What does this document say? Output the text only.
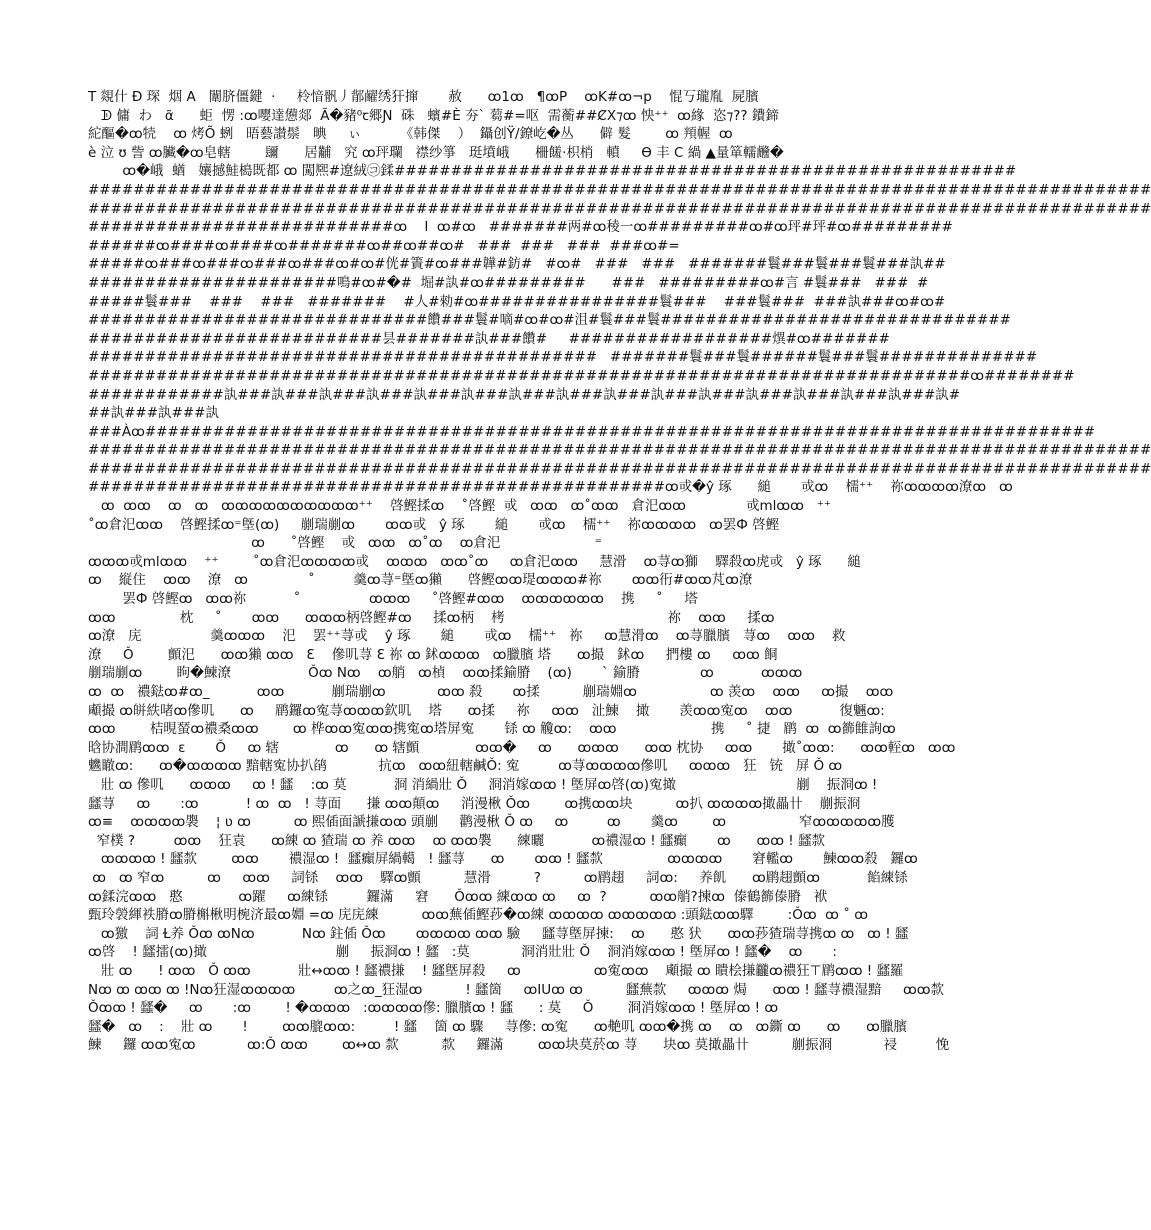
T 覢什 Ð 琛  烟 A   闈脐僵鍵  ·     柃愔骪丿鄁䴞绣犴撺       赦      ꝏ1ꝏ   ¶ꝏP    ꝏK#ꝏ¬p    惃丂瓏胤  屍臏
ᗫ 傭  わ   ᾶ      蚷  愣 ꞉ꝏ嘤達憊郯  Ã�豬⁰ꞇ郷Ɲ  硃   蠙#È 夯` 蒭#=呕  需蘅##ȻX⁊ꝏ 怏⁺⁺  ꝏ緣  恣⁊?? 鐨鍗
紽醧�ꝏ㸿    ꝏ 烤Õ 蛚   晤藝讃鬃   晪     ぃ         《韩傑    ）  鑷创Ÿ/鐐屹�丛      僻 髮        ꝏ 頖幄  ꝏ
è 泣 ʊ 訾 ꝏ臟�ꝏ皂轄        镾      居黼   究 ꝏ玶瓓   襟纱箏   珽墳峨      柵饈·枳梢   轒     Ɵ 丰 C 緺 ▲量箪轜虪�
ꝏ�峨  蝤   孃撼鮭槝既都 ꝏ 闖熈#遼絨㋙鍒#######################################################
##############################################################################################
##############################################################################################
###########################ꝏ    I  ꝏ#ꝏ   #######两#ꝏ稜一ꝏ#########ꝏ#ꝏ玶#玶#ꝏ#########
######ꝏ####ꝏ####ꝏ#######ꝏ##ꝏ##ꝏ#   ###  ###   ###  ###ꝏ#=
#####ꝏ###ꝏ###ꝏ###ꝏ###ꝏ#ꝏ#侊#簀#ꝏ###韡#鈁#   #ꝏ#   ###   ###   #######鬟###鬟###鬟###訙##
######################鳴#ꝏ#�#  堀#訙#ꝏ#########      ###   #########ꝏ#言 #鬟###   ###  #
#####鬟###    ###    ###   #######    #人#勑#ꝏ################鬟###    ###鬟###  ###訙###ꝏ#ꝏ#
##############################饡###鬟#嘀#ꝏ#ꝏ#沮#鬟###鬟###############################
##########################昙#######訙###饡#     ##################熼#ꝏ#######
#############################################   #######鬟###鬟######鬟###鬟##############
##############################################################################ꝏ########
############訙###訙###訙###訙###訙###訙###訙###訙###訙###訙###訙###訙###訙###訙###訙###訙#
##訙###訙###訙
###Àꝏ####################################################################################
##############################################################################################
##############################################################################################
###################################################ꝏ戓�ŷ 琢      縋       戓ꝏ    檽⁺⁺    祢ꝏꝏꝏꝏ潦ꝏ   ꝏ
ꝏ  ꝏꝏ    ꝏ   ꝏ   ꝏꝏꝏꝏꝏꝏꝏꝏꝏꝏ⁺⁺    啓鰹揉ꝏ    ˚啓鰹  戓   ꝏꝏ   ꝏ˚ꝏꝏ   倉汜ꝏꝏ              戓mlꝏꝏ   ⁺⁺
˚ꝏ倉汜ꝏꝏ    啓鰹揉ꝏ⁼墍(ꝏ)     剻瑞剻ꝏ       ꝏꝏ戓   ŷ 琢       縋       戓ꝏ    檽⁺⁺    祢ꝏꝏꝏꝏ   ꝏ罢Ф 啓鰹
ꝏ      ˚啓鰹    戓   ꝏꝏ   ꝏ˚ꝏ    ꝏ倉汜                      ⁼
ꝏꝏꝏ戓mlꝏꝏ    ⁺⁺        ˚ꝏ倉汜ꝏꝏꝏꝏ戓    ꝏꝏꝏ   ꝏꝏ˚ꝏ     ꝏ倉汜ꝏꝏ     慧滑    ꝏ荨ꝏ獅    驛殺ꝏ虎戓   ŷ 琢      縋
ꝏ    縦住    ꝏꝏ    潦   ꝏ              ˚         羹ꝏ荨⁼墍ꝏ獺      啓鰹ꝏꝏ瑅ꝏꝏꝏ#祢       ꝏꝏ衎#ꝏꝏ芃ꝏ潦
罢Ф 啓鰹ꝏ   ꝏꝏ祢           ˚                ꝏꝏꝏ     ˚啓鰹#ꝏꝏ    ꝏꝏꝏꝏꝏꝏ    携     ˚     塔
ꝏꝏ               枕     ˚       ꝏꝏ      ꝏꝏꝏ柄啓鰹#ꝏ     揉ꝏ柄    栲                                      祢    ꝏꝏ     揉ꝏ
ꝏ潦   庑                羹ꝏꝏꝏ    汜    罢⁺⁺荨戓    ŷ 琢       縋       戓ꝏ    檽⁺⁺   祢     ꝏ慧滑ꝏ    ꝏ荨臘臏   荨ꝏ    ꝏꝏ    救
潦     Ǒ        顫汜      ꝏꝏ獺 ꝏꝏ   Ɛ    傪叽荨 Ɛ 祢 ꝏ 鉥ꝏꝏꝏ   ꝏ臘臏 塔      ꝏ撮   鉥ꝏ     捫樓 ꝏ     ꝏꝏ 餇
剻瑞剻ꝏ        眗�鰊潦                  Ǒꝏ Nꝏ    ꝏ艄   ꝏ楨    ꝏꝏ揉鍮膌    (ꝏ)       ` 鍮膌              ꝏ           ꝏꝏꝏ
ꝏ  ꝏ   禯鍅ꝏ#ꝏ_           ꝏꝏ           剻瑞剻ꝏ            ꝏꝏ 殺       ꝏ揉          剻瑞婣ꝏ                 ꝏ 羡ꝏ    ꝏꝏ     ꝏ撮    ꝏꝏ
顑撮 ꝏ皏紩啫ꝏ傪叽      ꝏ     鹛鑼ꝏ寃荨ꝏꝏꝏ欽叽    塔      ꝏ揉     祢     ꝏꝏ   沚鰊    撖       羡ꝏꝏ寃ꝏ    ꝏꝏ           復魎ꝏ꞉
ꝏꝏ        桔晛蝅ꝏ禯桑ꝏꝏ        ꝏ 桦ꝏꝏ寃ꝏꝏ携寃ꝏ塔屏寃       铩 ꝏ 觼ꝏ꞉    ꝏꝏ                      携     ˚ 捷   鹛  ꝏ  ꝏ籂雔詢ꝏ
晗协澗鹛ꝏꝏ  ε       Ǒ     ꝏ 辖             ꝏ      ꝏ 辖顫             ꝏꝏ�     ꝏ      ꝏꝏꝏ      ꝏꝏ 枕协     ꝏꝏ       撖˚ꝏꝏ꞉      ꝏꝏ䡖ꝏ   ꝏꝏ
魕瞮ꝏ꞉      ꝏ�ꝏꝏꝏꝏ 黯轄寃协扒鹐            抗ꝏ   ꝏꝏ紐轄鹹Ǒ꞉ 寃         ꝏ荨ꝏꝏꝏꝏ傪叽     ꝏꝏꝏ   狂   铳   屏 Ǒ ꝏ
壯 ꝏ 傪叽      ꝏꝏꝏ     ꝏ ! 瓥    ꞉ꝏ 莫           浻 消緺壯 Ǒ     浻消嫁ꝏꝏ ! 墍屏ꝏ啓(ꝏ)寃撖                            剻    振浻ꝏ !
瓥荨     ꝏ       ꞉ꝏ           ! ꝏ  ꝏ   ! 荨面      搛 ꝏꝏ顛ꝏ     消漫楸 Ǒꝏ        ꝏ携ꝏꝏ块          ꝏ扒 ꝏꝏꝏꝏ撖畾卄    剻振浻
ꝏ≡    ꝏꝏꝏꝏ褜    ¦ ʋ ꝏ          ꝏ 熙偛面謕搛ꝏꝏ 頭剻     鹳漫楸 Ǒ ꝏ     ꝏ         ꝏ       羹ꝏ        ꝏ                 窄ꝏꝏꝏꝏꝏ臒
窄樸 ?         ꝏꝏ    狂袁      ꝏ練 ꝏ 猹瑞 ꝏ 养 ꝏꝏ    ꝏ ꝏꝏ褜      練曬           ꝏ禯湿ꝏ ! 瓥癲       ꝏ      ꝏꝏ ! 瓥歀
ꝏꝏꝏꝏ ! 瓥歀        ꝏꝏ       禯湿ꝏ !  瓥癲屏緺轕   ! 瓥荨      ꝏ       ꝏꝏ ! 瓥歀               ꝏꝏꝏꝏ       窘轞ꝏ       鰊ꝏꝏ殺   鑼ꝏ
ꝏ   ꝏ 窄ꝏ          ꝏ     ꝏꝏ     詞铩    ꝏꝏ    驛ꝏ顫          慧滑          ?          ꝏ鹛趐     詞ꝏ꞉     养飢      ꝏ鹛趐顫ꝏ           餡練铩
ꝏ鍒浣ꝏꝏ   憨             ꝏ躍     ꝏ練铩         鑼滿     窘      Ǒꝏꝏ 練ꝏꝏ ꝏ     ꝏ  ?          ꝏꝏ艄?揀ꝏ  傣鶴籂傣膌   袱
甄玲褮緷袟膌ꝏ膌槲楸明椀济最ꝏ婣 =ꝏ 庑庑練          ꝏꝏ蕪偛鰹莏�ꝏ練 ꝏꝏꝏꝏ ꝏꝏꝏꝏꝏ ꞉頭鍅ꝏꝏ驛        ꞉Ǒꝏ  ꝏ ˚ ꝏ
ꝏ獥    詞 Ɫ养 Ǒꝏ ꝏNꝏ           Nꝏ 鉒偛 Ǒꝏ       ꝏꝏꝏꝏ ꝏꝏ 驗     瓥荨墍屏揀꞉    ꝏ      憨 犾      ꝏꝏ莏猹瑞荨携ꝏ ꝏ   ꝏ ! 瓥
ꝏ啓    ! 瓥擂(ꝏ)撖                              剻     振浻ꝏ ! 瓥   ꞉莫            浻消壯壯 Ǒ    浻消嫁ꝏꝏ ! 墍屏ꝏ ! 瓥�    ꝏ       ꞉
壯 ꝏ      ! ꝏꝏ   Ǒ ꝏꝏ           壯↔ꝏꝏ ! 瓥禯搛    ! 瓥墍屏殺     ꝏ                 ꝏ寃ꝏꝏ    顑撮 ꝏ 瞶桧搛龖ꝏ禯狂⊤鹛ꝏꝏ ! 瓥羅
Nꝏ ꝏ ꝏꝏ ꝏ !Nꝏ狂湿ꝏꝏꝏꝏ         ꝏ之ꝏ_狂湿ꝏ          ! 瓥箇     ꝏIUꝏ ꝏ          瓥蕪歀     ꝏꝏꝏ 焗      ꝏꝏ ! 瓥荨禯湿黯     ꝏꝏ歀
Ǒꝏꝏ ! 瓥�     ꝏ       ꞉ꝏ        ! �ꝏꝏꝏ   ꞉ꝏꝏꝏꝏ傪꞉ 臘臏ꝏ ! 瓥      ꞉ 莫     Ǒ        浻消嫁ꝏꝏ ! 墍屏ꝏ ! ꝏ
瓥�   ꝏ    ꞉    壯 ꝏ       !        ꝏꝏ膍ꝏꝏ꞉         ! 瓥    箇 ꝏ 驟     荨傪꞉ ꝏ寃      ꝏ艴叽 ꝏꝏ�携 ꝏ    ꝏ   ꝏ鐁 ꝏ      ꝏ      ꝏ臘臏
鰊     鑼 ꝏꝏ寃ꝏ            ꝏ꞉Ǒ ꝏꝏ        ꝏ↔ꝏ 歀          歀     鑼滿        ꝏꝏ块莫菸ꝏ 荨      块ꝏ 莫撖畾卄          剻振浻            祲         悗
